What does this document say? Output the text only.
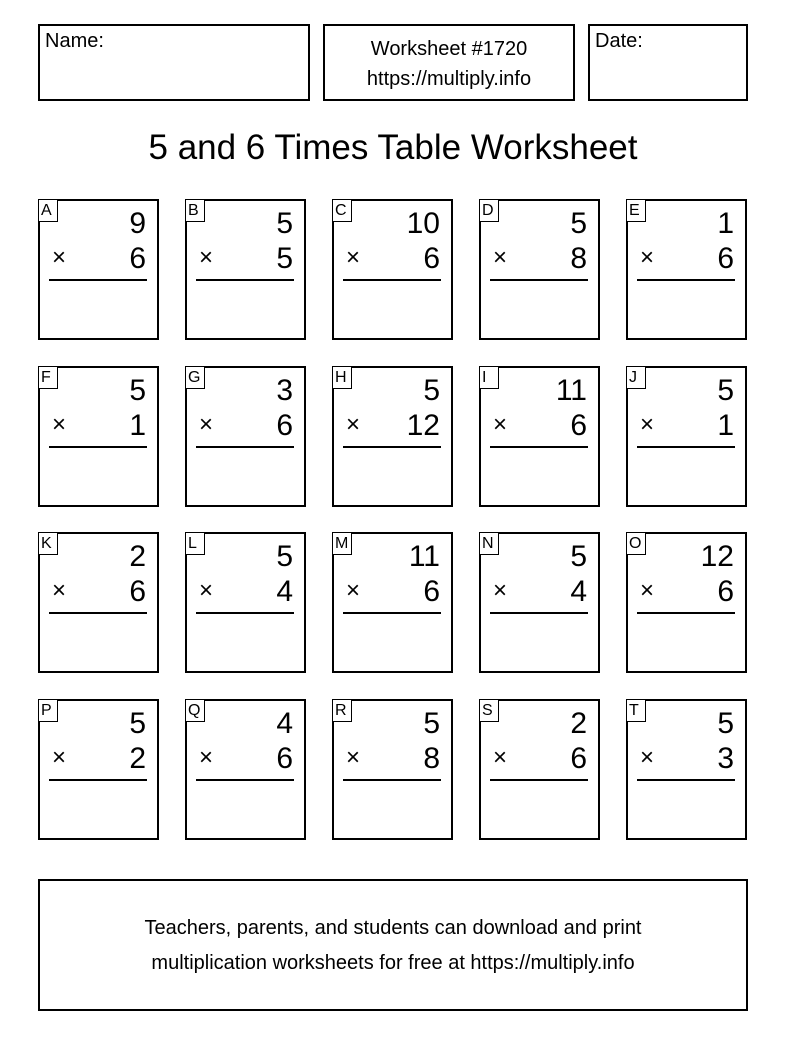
Name:	Worksheet #1720
https://multiply.info
Date:
5 and 6 Times Table Worksheet
A	9
× 6
B	5
× 5
C 10
× 6
D	5
× 8
E	1
× 6
F	5
× 1
G	3
× 6
H	5
× 12
I	11
× 6
J	5
× 1
K	2
× 6
L	5
× 4
M 11
× 6
N	5
× 4
O 12
× 6
P	5
× 2
Q	4
× 6
R	5
× 8
S	2
× 6
T	5
× 3
Teachers, parents, and students can download and print
multiplication worksheets for free at https://multiply.info
